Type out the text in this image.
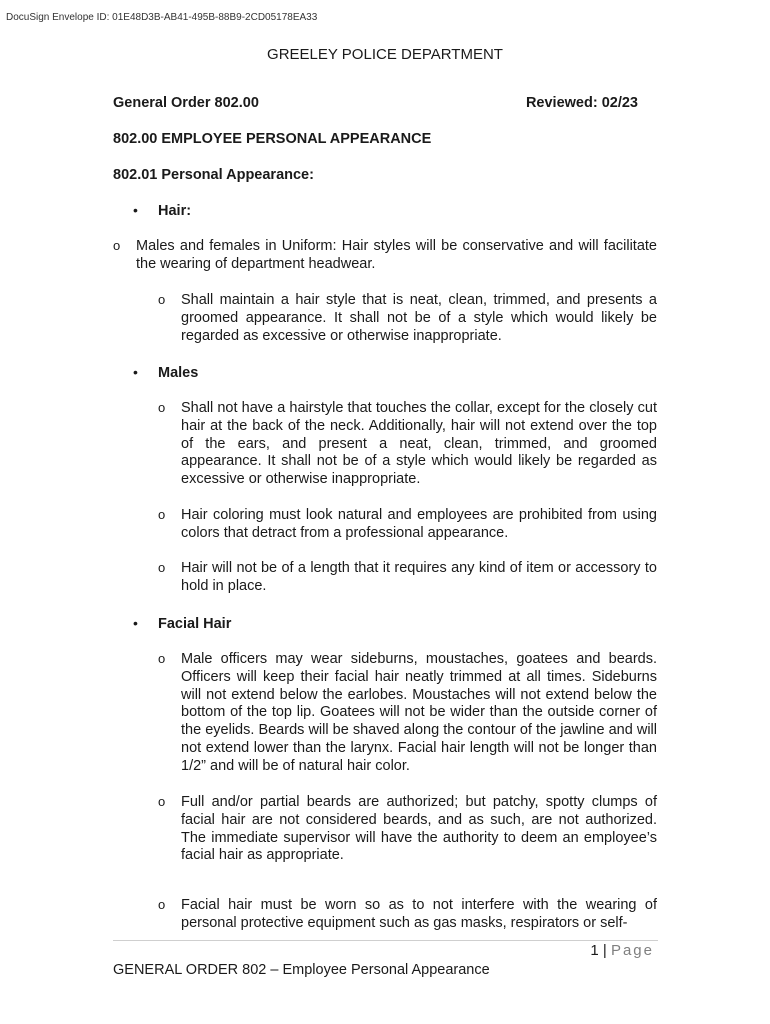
DocuSign Envelope ID: 01E48D3B-AB41-495B-88B9-2CD05178EA33
GREELEY POLICE DEPARTMENT
General Order 802.00	Reviewed: 02/23
802.00 EMPLOYEE PERSONAL APPEARANCE
802.01 Personal Appearance:
• Hair:
o Males and females in Uniform: Hair styles will be conservative and will facilitate the wearing of department headwear.
o Shall maintain a hair style that is neat, clean, trimmed, and presents a groomed appearance. It shall not be of a style which would likely be regarded as excessive or otherwise inappropriate.
• Males
o Shall not have a hairstyle that touches the collar, except for the closely cut hair at the back of the neck. Additionally, hair will not extend over the top of the ears, and present a neat, clean, trimmed, and groomed appearance. It shall not be of a style which would likely be regarded as excessive or otherwise inappropriate.
o Hair coloring must look natural and employees are prohibited from using colors that detract from a professional appearance.
o Hair will not be of a length that it requires any kind of item or accessory to hold in place.
• Facial Hair
o Male officers may wear sideburns, moustaches, goatees and beards. Officers will keep their facial hair neatly trimmed at all times. Sideburns will not extend below the earlobes. Moustaches will not extend below the bottom of the top lip. Goatees will not be wider than the outside corner of the eyelids. Beards will be shaved along the contour of the jawline and will not extend lower than the larynx. Facial hair length will not be longer than 1/2” and will be of natural hair color.
o Full and/or partial beards are authorized; but patchy, spotty clumps of facial hair are not considered beards, and as such, are not authorized. The immediate supervisor will have the authority to deem an employee’s facial hair as appropriate.
o Facial hair must be worn so as to not interfere with the wearing of personal protective equipment such as gas masks, respirators or self-
1 | Page
GENERAL ORDER 802 – Employee Personal Appearance
